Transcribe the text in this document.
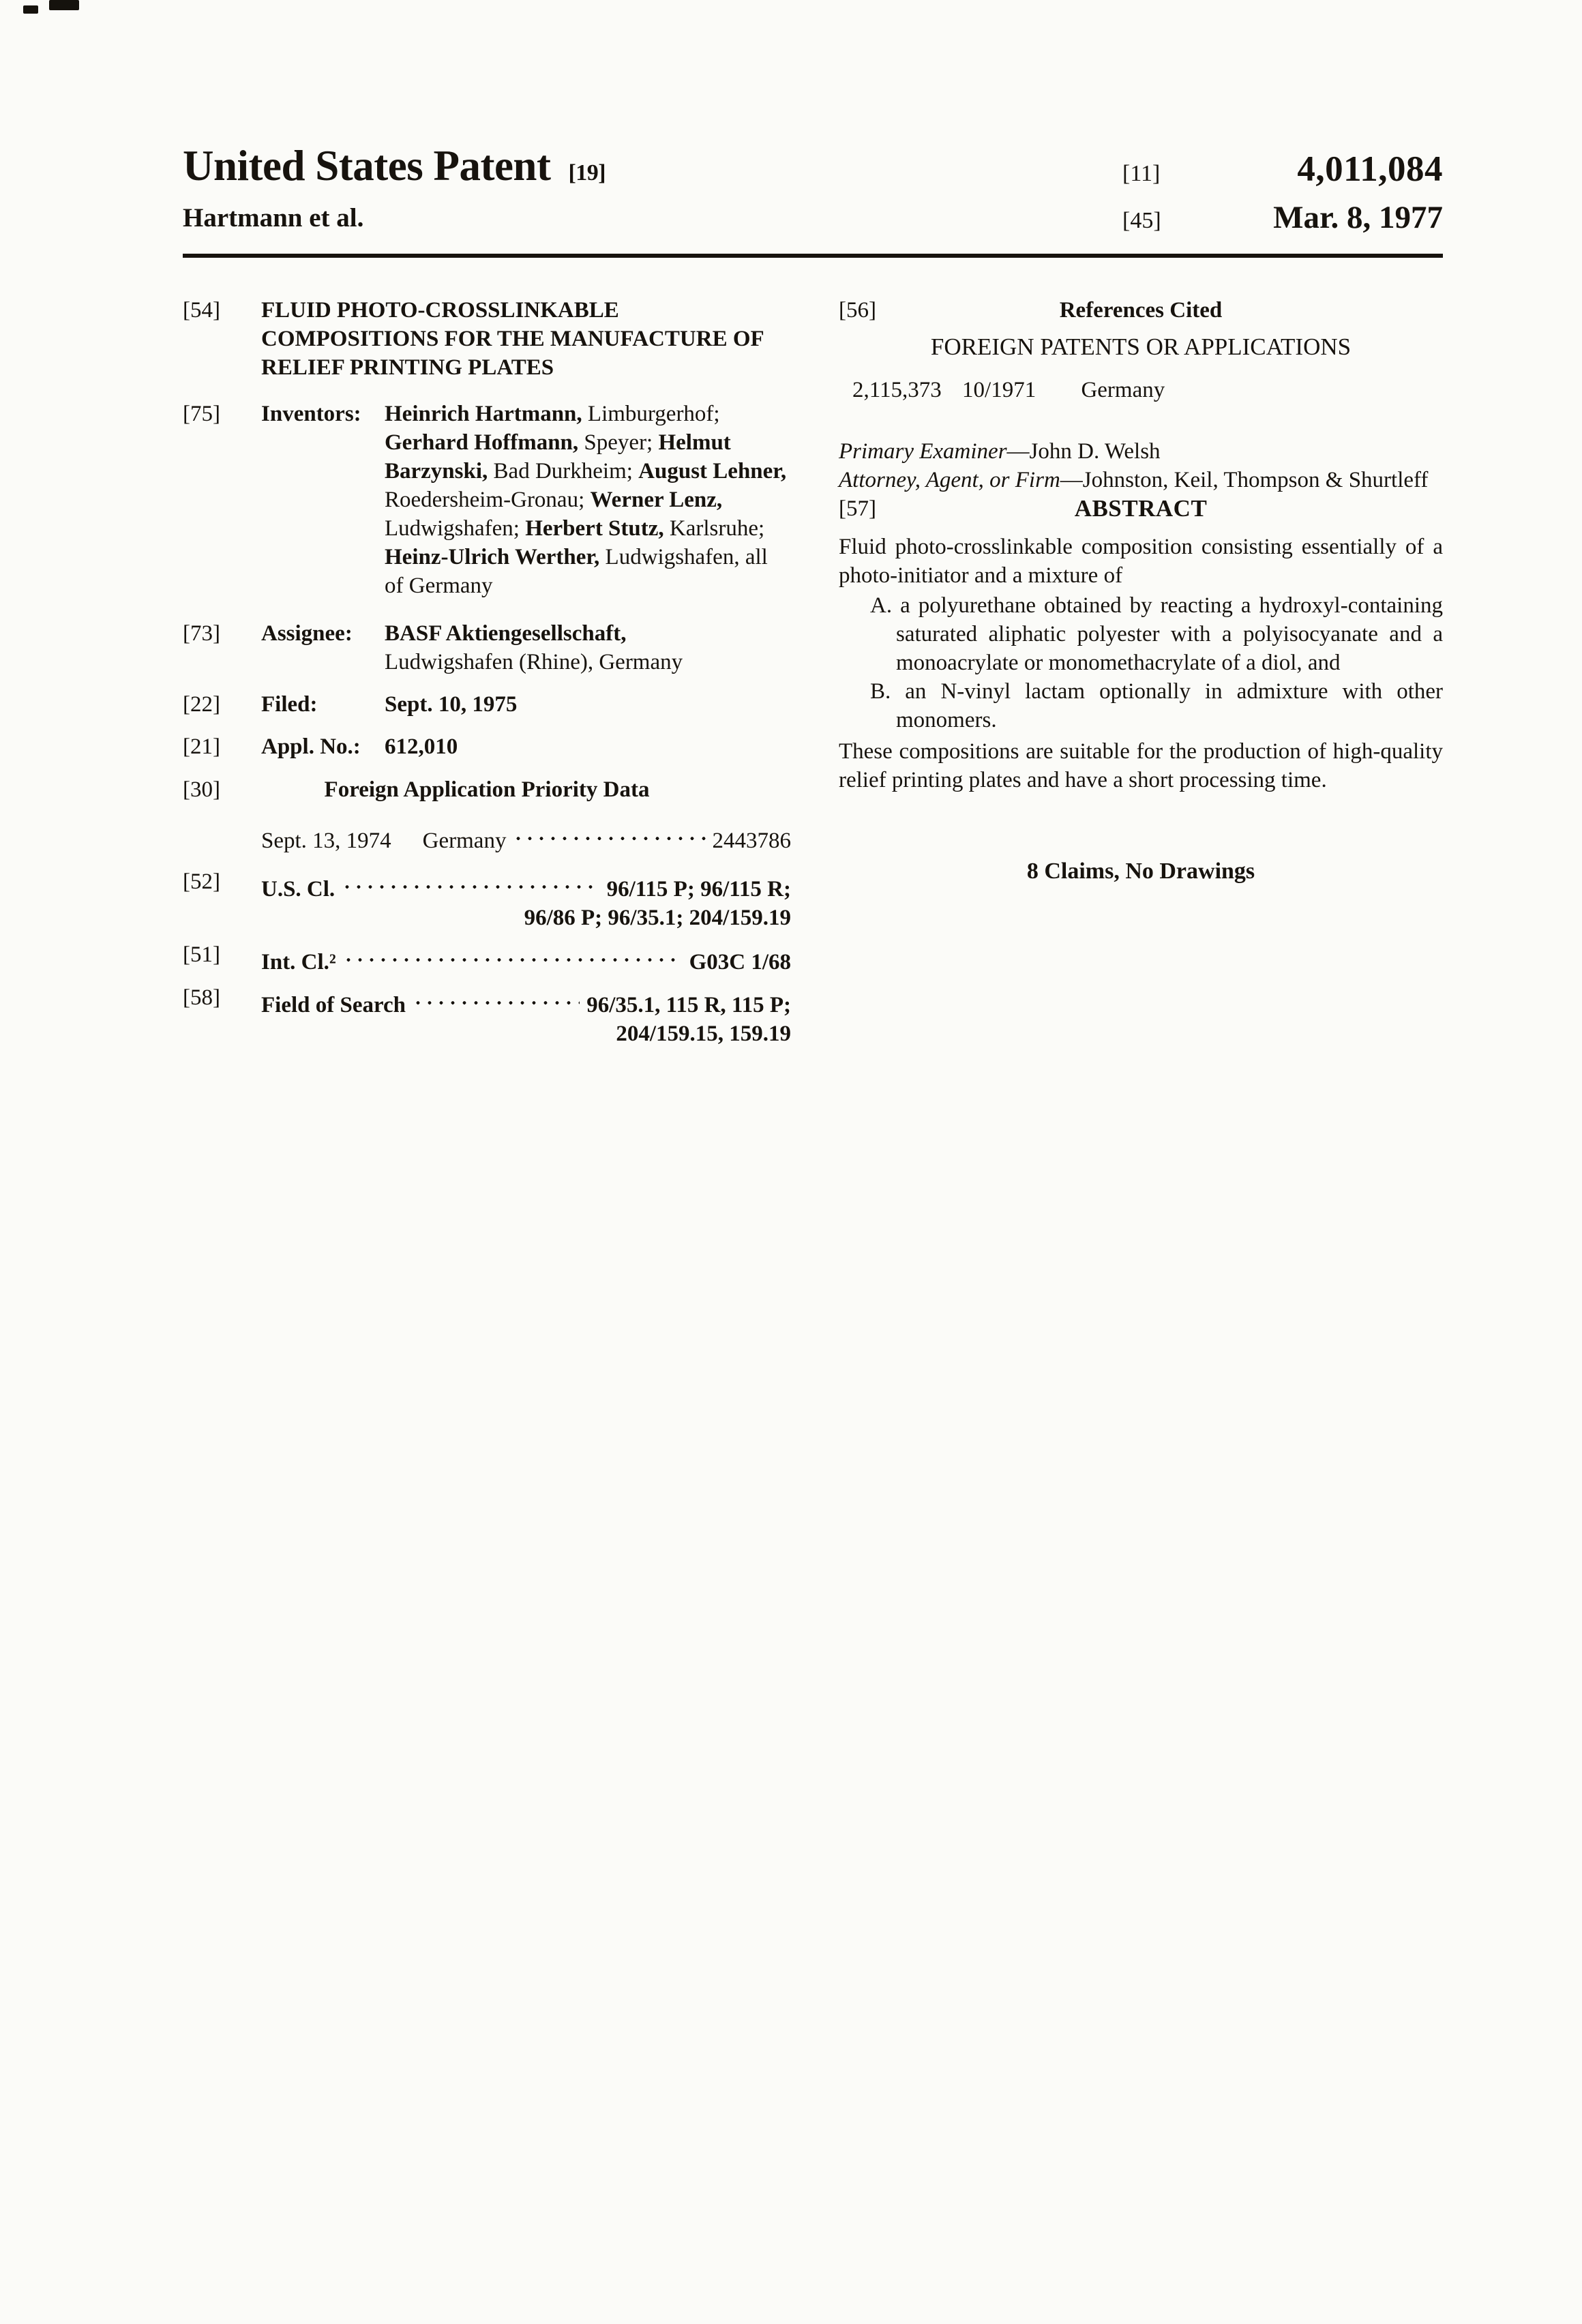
United States Patent [19]
Hartmann et al.
[11]	4,011,084
[45]	Mar. 8, 1977
[54]	FLUID PHOTO-CROSSLINKABLE COMPOSITIONS FOR THE MANUFACTURE OF RELIEF PRINTING PLATES
[75]	Inventors:	Heinrich Hartmann, Limburgerhof; Gerhard Hoffmann, Speyer; Helmut Barzynski, Bad Durkheim; August Lehner, Roedersheim-Gronau; Werner Lenz, Ludwigshafen; Herbert Stutz, Karlsruhe; Heinz-Ulrich Werther, Ludwigshafen, all of Germany
[73]	Assignee:	BASF Aktiengesellschaft,
Ludwigshafen (Rhine), Germany
[22]	Filed:	Sept. 10, 1975
[21]	Appl. No.:	612,010
[30]	Foreign Application Priority Data
Sept. 13, 1974 Germany	2443786
[52]	U.S. Cl.	96/115 P; 96/115 R;
96/86 P; 96/35.1; 204/159.19
[51]	Int. Cl.²	G03C 1/68
[58]	Field of Search	96/35.1, 115 R, 115 P;
204/159.15, 159.19
[56]	References Cited
FOREIGN PATENTS OR APPLICATIONS
2,115,373 10/1971 Germany

Primary Examiner—John D. Welsh

Attorney, Agent, or Firm—Johnston, Keil, Thompson & Shurtleff

[57]	ABSTRACT
Fluid photo-crosslinkable composition consisting essentially of a photo-initiator and a mixture of
A. a polyurethane obtained by reacting a hydroxyl-containing saturated aliphatic polyester with a polyisocyanate and a monoacrylate or monomethacrylate of a diol, and
B. an N-vinyl lactam optionally in admixture with other monomers.
These compositions are suitable for the production of high-quality relief printing plates and have a short processing time.
8 Claims, No Drawings
